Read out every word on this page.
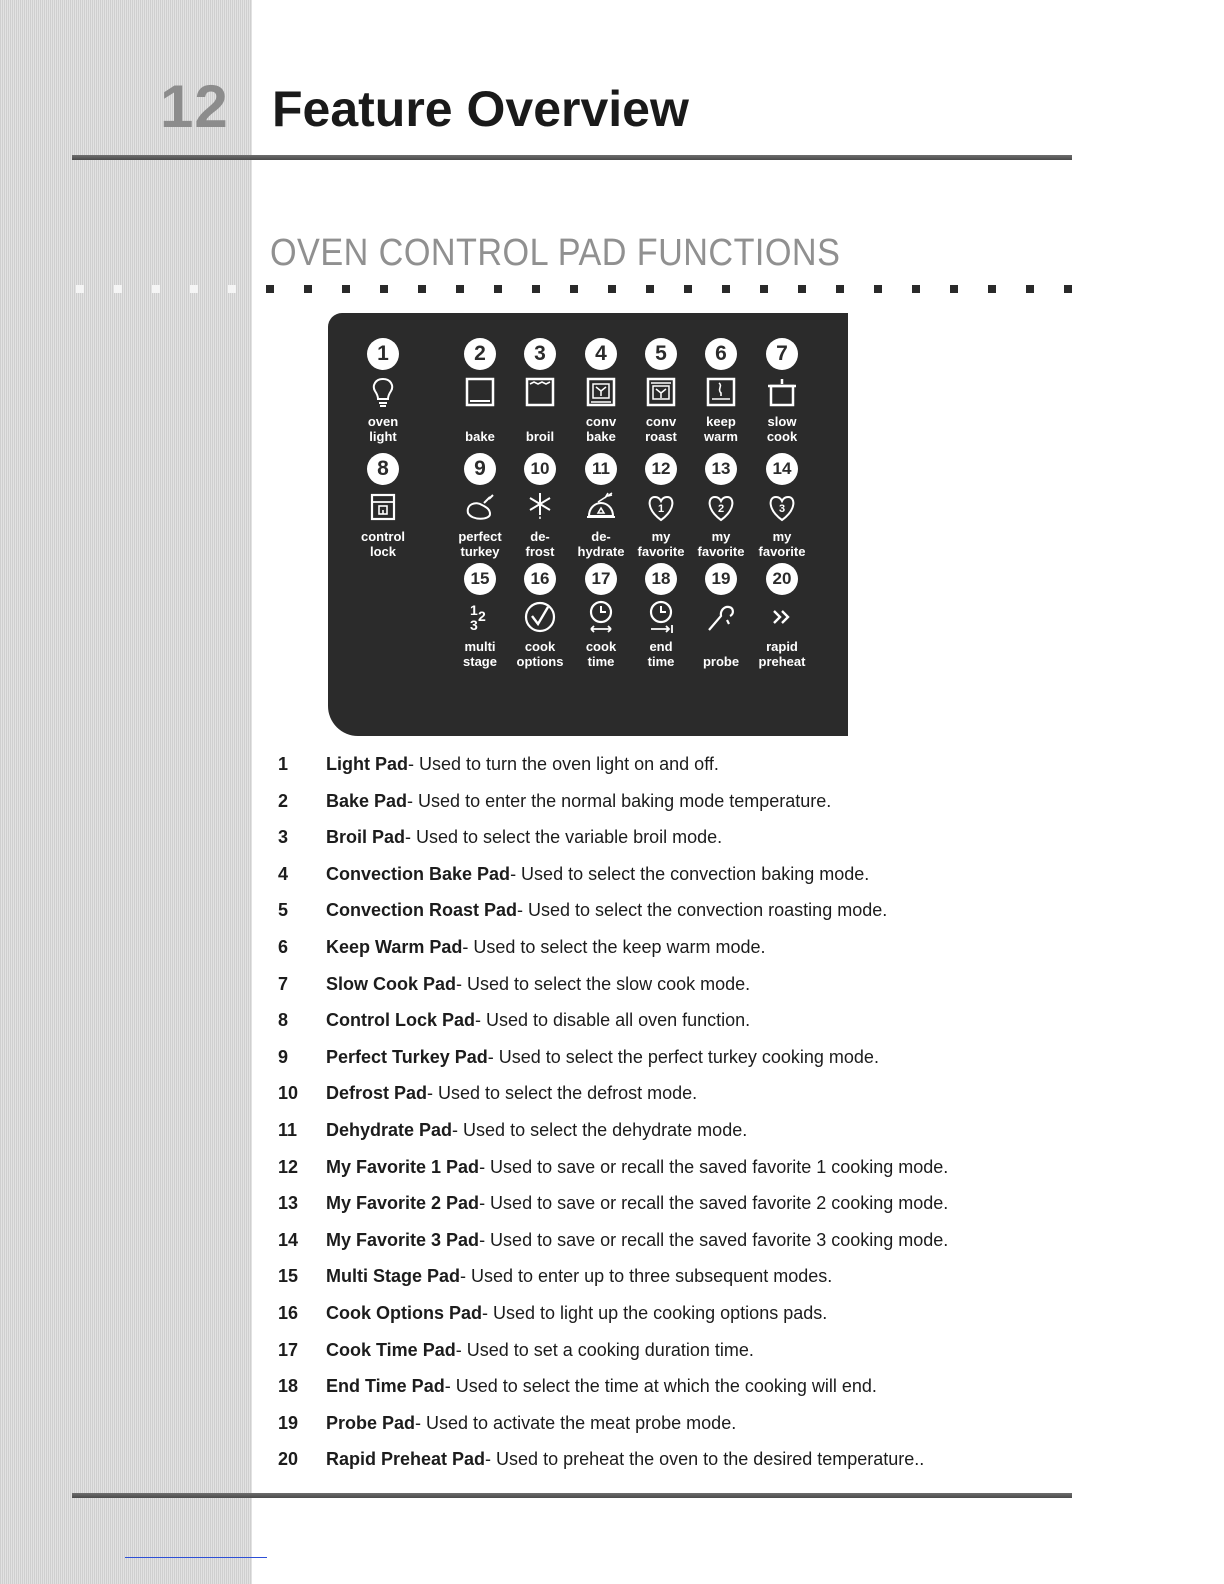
12 Feature Overview
OVEN CONTROL PAD FUNCTIONS
1
oven
light
2

bake
3

broil
4
conv
bake
5
conv
roast
6
keep
warm
7
slow
cook
8
control
lock
9
perfect
turkey
10
de-
frost
11
de-
hydrate
12
1
my
favorite
13
2
my
favorite
14
3
my
favorite
15
1 2
3
multi
stage
16
cook
options
17
cook
time
18
end
time
19

probe
20
rapid
preheat
1 Light Pad- Used to turn the oven light on and off.
2 Bake Pad- Used to enter the normal baking mode temperature.
3 Broil Pad- Used to select the variable broil mode.
4 Convection Bake Pad- Used to select the convection baking mode.
5 Convection Roast Pad- Used to select the convection roasting mode.
6 Keep Warm Pad- Used to select the keep warm mode.
7 Slow Cook Pad- Used to select the slow cook mode.
8 Control Lock Pad- Used to disable all oven function.
9 Perfect Turkey Pad- Used to select the perfect turkey cooking mode.
10 Defrost Pad- Used to select the defrost mode.
11 Dehydrate Pad- Used to select the dehydrate mode.
12 My Favorite 1 Pad- Used to save or recall the saved favorite 1 cooking mode.
13 My Favorite 2 Pad- Used to save or recall the saved favorite 2 cooking mode.
14 My Favorite 3 Pad- Used to save or recall the saved favorite 3 cooking mode.
15 Multi Stage Pad- Used to enter up to three subsequent modes.
16 Cook Options Pad- Used to light up the cooking options pads.
17 Cook Time Pad- Used to set a cooking duration time.
18 End Time Pad- Used to select the time at which the cooking will end.
19 Probe Pad- Used to activate the meat probe mode.
20 Rapid Preheat Pad- Used to preheat the oven to the desired temperature..
